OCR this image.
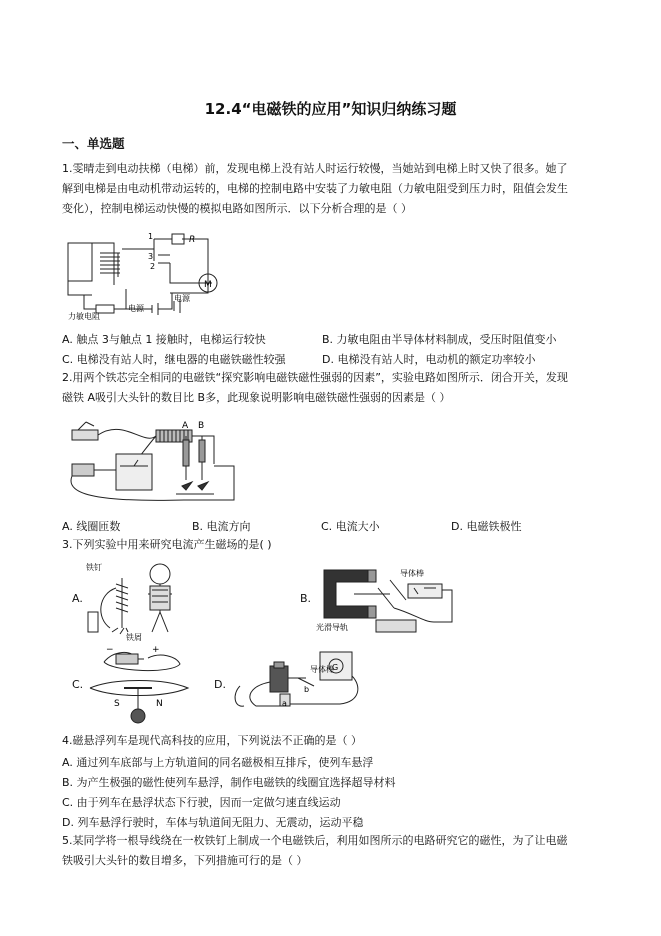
12.4“电磁铁的应用”知识归纳练习题
一、单选题
1.雯晴走到电动扶梯（电梯）前，发现电梯上没有站人时运行较慢，当她站到电梯上时又快了很多。她了
解到电梯是由电动机带动运转的，电梯的控制电路中安装了力敏电阻（力敏电阻受到压力时，阻值会发生
变化），控制电梯运动快慢的模拟电路如图所示．以下分析合理的是（ ）
R
1
3
2
M
电源
电源
力敏电阻
A. 触点 3与触点 1 接触时，电梯运行较快	B. 力敏电阻由半导体材料制成，受压时阻值变小
C. 电梯没有站人时，继电器的电磁铁磁性较强	D. 电梯没有站人时，电动机的额定功率较小
2.用两个铁芯完全相同的电磁铁“探究影响电磁铁磁性强弱的因素”，实验电路如图所示．闭合开关，发现
磁铁 A吸引大头针的数目比 B多，此现象说明影响电磁铁磁性强弱的因素是（ ）
A B
A. 线圈匝数	B. 电流方向	C. 电流大小	D. 电磁铁极性
3.下列实验中用来研究电流产生磁场的是( )
A.
铁钉
铁屑
B.
导体棒
光滑导轨
C.
−	+
S	N
D.
导体棒
G
a
b
4.磁悬浮列车是现代高科技的应用，下列说法不正确的是（ ）
A. 通过列车底部与上方轨道间的同名磁极相互排斥，使列车悬浮
B. 为产生极强的磁性使列车悬浮，制作电磁铁的线圈宜选择超导材料
C. 由于列车在悬浮状态下行驶，因而一定做匀速直线运动
D. 列车悬浮行驶时，车体与轨道间无阻力、无震动，运动平稳
5.某同学将一根导线绕在一枚铁钉上制成一个电磁铁后，利用如图所示的电路研究它的磁性，为了让电磁
铁吸引大头针的数目增多，下列措施可行的是（ ）
